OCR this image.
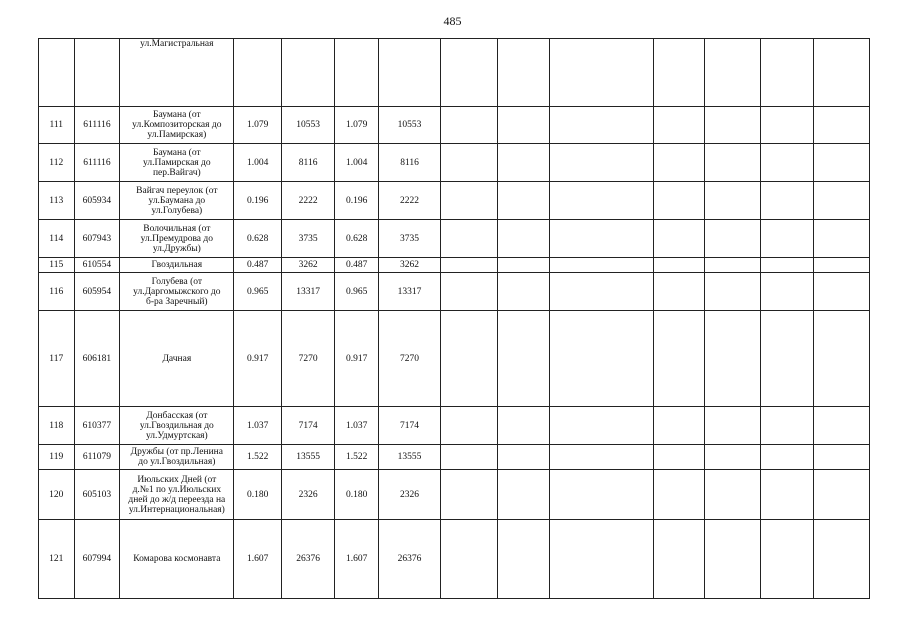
485

		ул.Магистральная											

111	611116	Баумана (от
ул.Композиторская до
ул.Памирская)	1.079	10553	1.079	10553							
112	611116	Баумана (от
ул.Памирская до
пер.Вайгач)	1.004	8116	1.004	8116							
113	605934	Вайгач переулок (от
ул.Баумана до
ул.Голубева)	0.196	2222	0.196	2222							
114	607943	Волочильная (от
ул.Премудрова до
ул.Дружбы)	0.628	3735	0.628	3735							
115	610554	Гвоздильная	0.487	3262	0.487	3262							
116	605954	Голубева (от
ул.Даргомыжского до
б-ра Заречный)	0.965	13317	0.965	13317							
117	606181	Дачная	0.917	7270	0.917	7270							
118	610377	Донбасская (от
ул.Гвоздильная до
ул.Удмуртская)	1.037	7174	1.037	7174							
119	611079	Дружбы (от пр.Ленина
до ул.Гвоздильная)	1.522	13555	1.522	13555							
120	605103	Июльских Дней (от
д.№1 по ул.Июльских
дней до ж/д переезда на
ул.Интернациональная)	0.180	2326	0.180	2326							
121	607994	Комарова космонавта	1.607	26376	1.607	26376							
